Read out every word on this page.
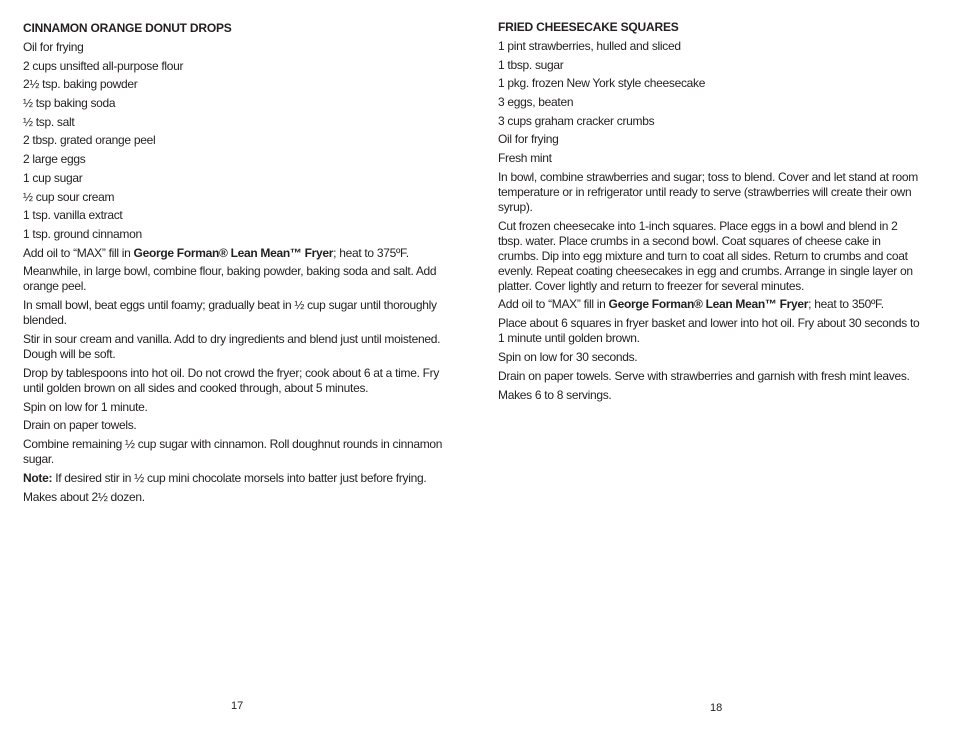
CINNAMON ORANGE DONUT DROPS
Oil for frying
2 cups unsifted all-purpose flour
2½ tsp. baking powder
½ tsp baking soda
½ tsp. salt
2 tbsp. grated orange peel
2 large eggs
1 cup sugar
½ cup sour cream
1 tsp. vanilla extract
1 tsp. ground cinnamon
Add oil to “MAX” fill in George Forman® Lean Mean™ Fryer; heat to 375ºF.
Meanwhile, in large bowl, combine flour, baking powder, baking soda and salt. Add orange peel.
In small bowl, beat eggs until foamy; gradually beat in ½ cup sugar until thoroughly blended.
Stir in sour cream and vanilla. Add to dry ingredients and blend just until moistened. Dough will be soft.
Drop by tablespoons into hot oil. Do not crowd the fryer; cook about 6 at a time. Fry until golden brown on all sides and cooked through, about 5 minutes.
Spin on low for 1 minute.
Drain on paper towels.
Combine remaining ½ cup sugar with cinnamon. Roll doughnut rounds in cinnamon sugar.
Note: If desired stir in ½ cup mini chocolate morsels into batter just before frying.
Makes about 2½ dozen.
FRIED CHEESECAKE SQUARES
1 pint strawberries, hulled and sliced
1 tbsp. sugar
1 pkg. frozen New York style cheesecake
3 eggs, beaten
3 cups graham cracker crumbs
Oil for frying
Fresh mint
In bowl, combine strawberries and sugar; toss to blend. Cover and let stand at room temperature or in refrigerator until ready to serve (strawberries will create their own syrup).
Cut frozen cheesecake into 1-inch squares. Place eggs in a bowl and blend in 2 tbsp. water. Place crumbs in a second bowl. Coat squares of cheese cake in crumbs. Dip into egg mixture and turn to coat all sides. Return to crumbs and coat evenly. Repeat coating cheesecakes in egg and crumbs. Arrange in single layer on platter. Cover lightly and return to freezer for several minutes.
Add oil to “MAX” fill in George Forman® Lean Mean™ Fryer; heat to 350ºF.
Place about 6 squares in fryer basket and lower into hot oil. Fry about 30 seconds to 1 minute until golden brown.
Spin on low for 30 seconds.
Drain on paper towels. Serve with strawberries and garnish with fresh mint leaves.
Makes 6 to 8 servings.
17	18
